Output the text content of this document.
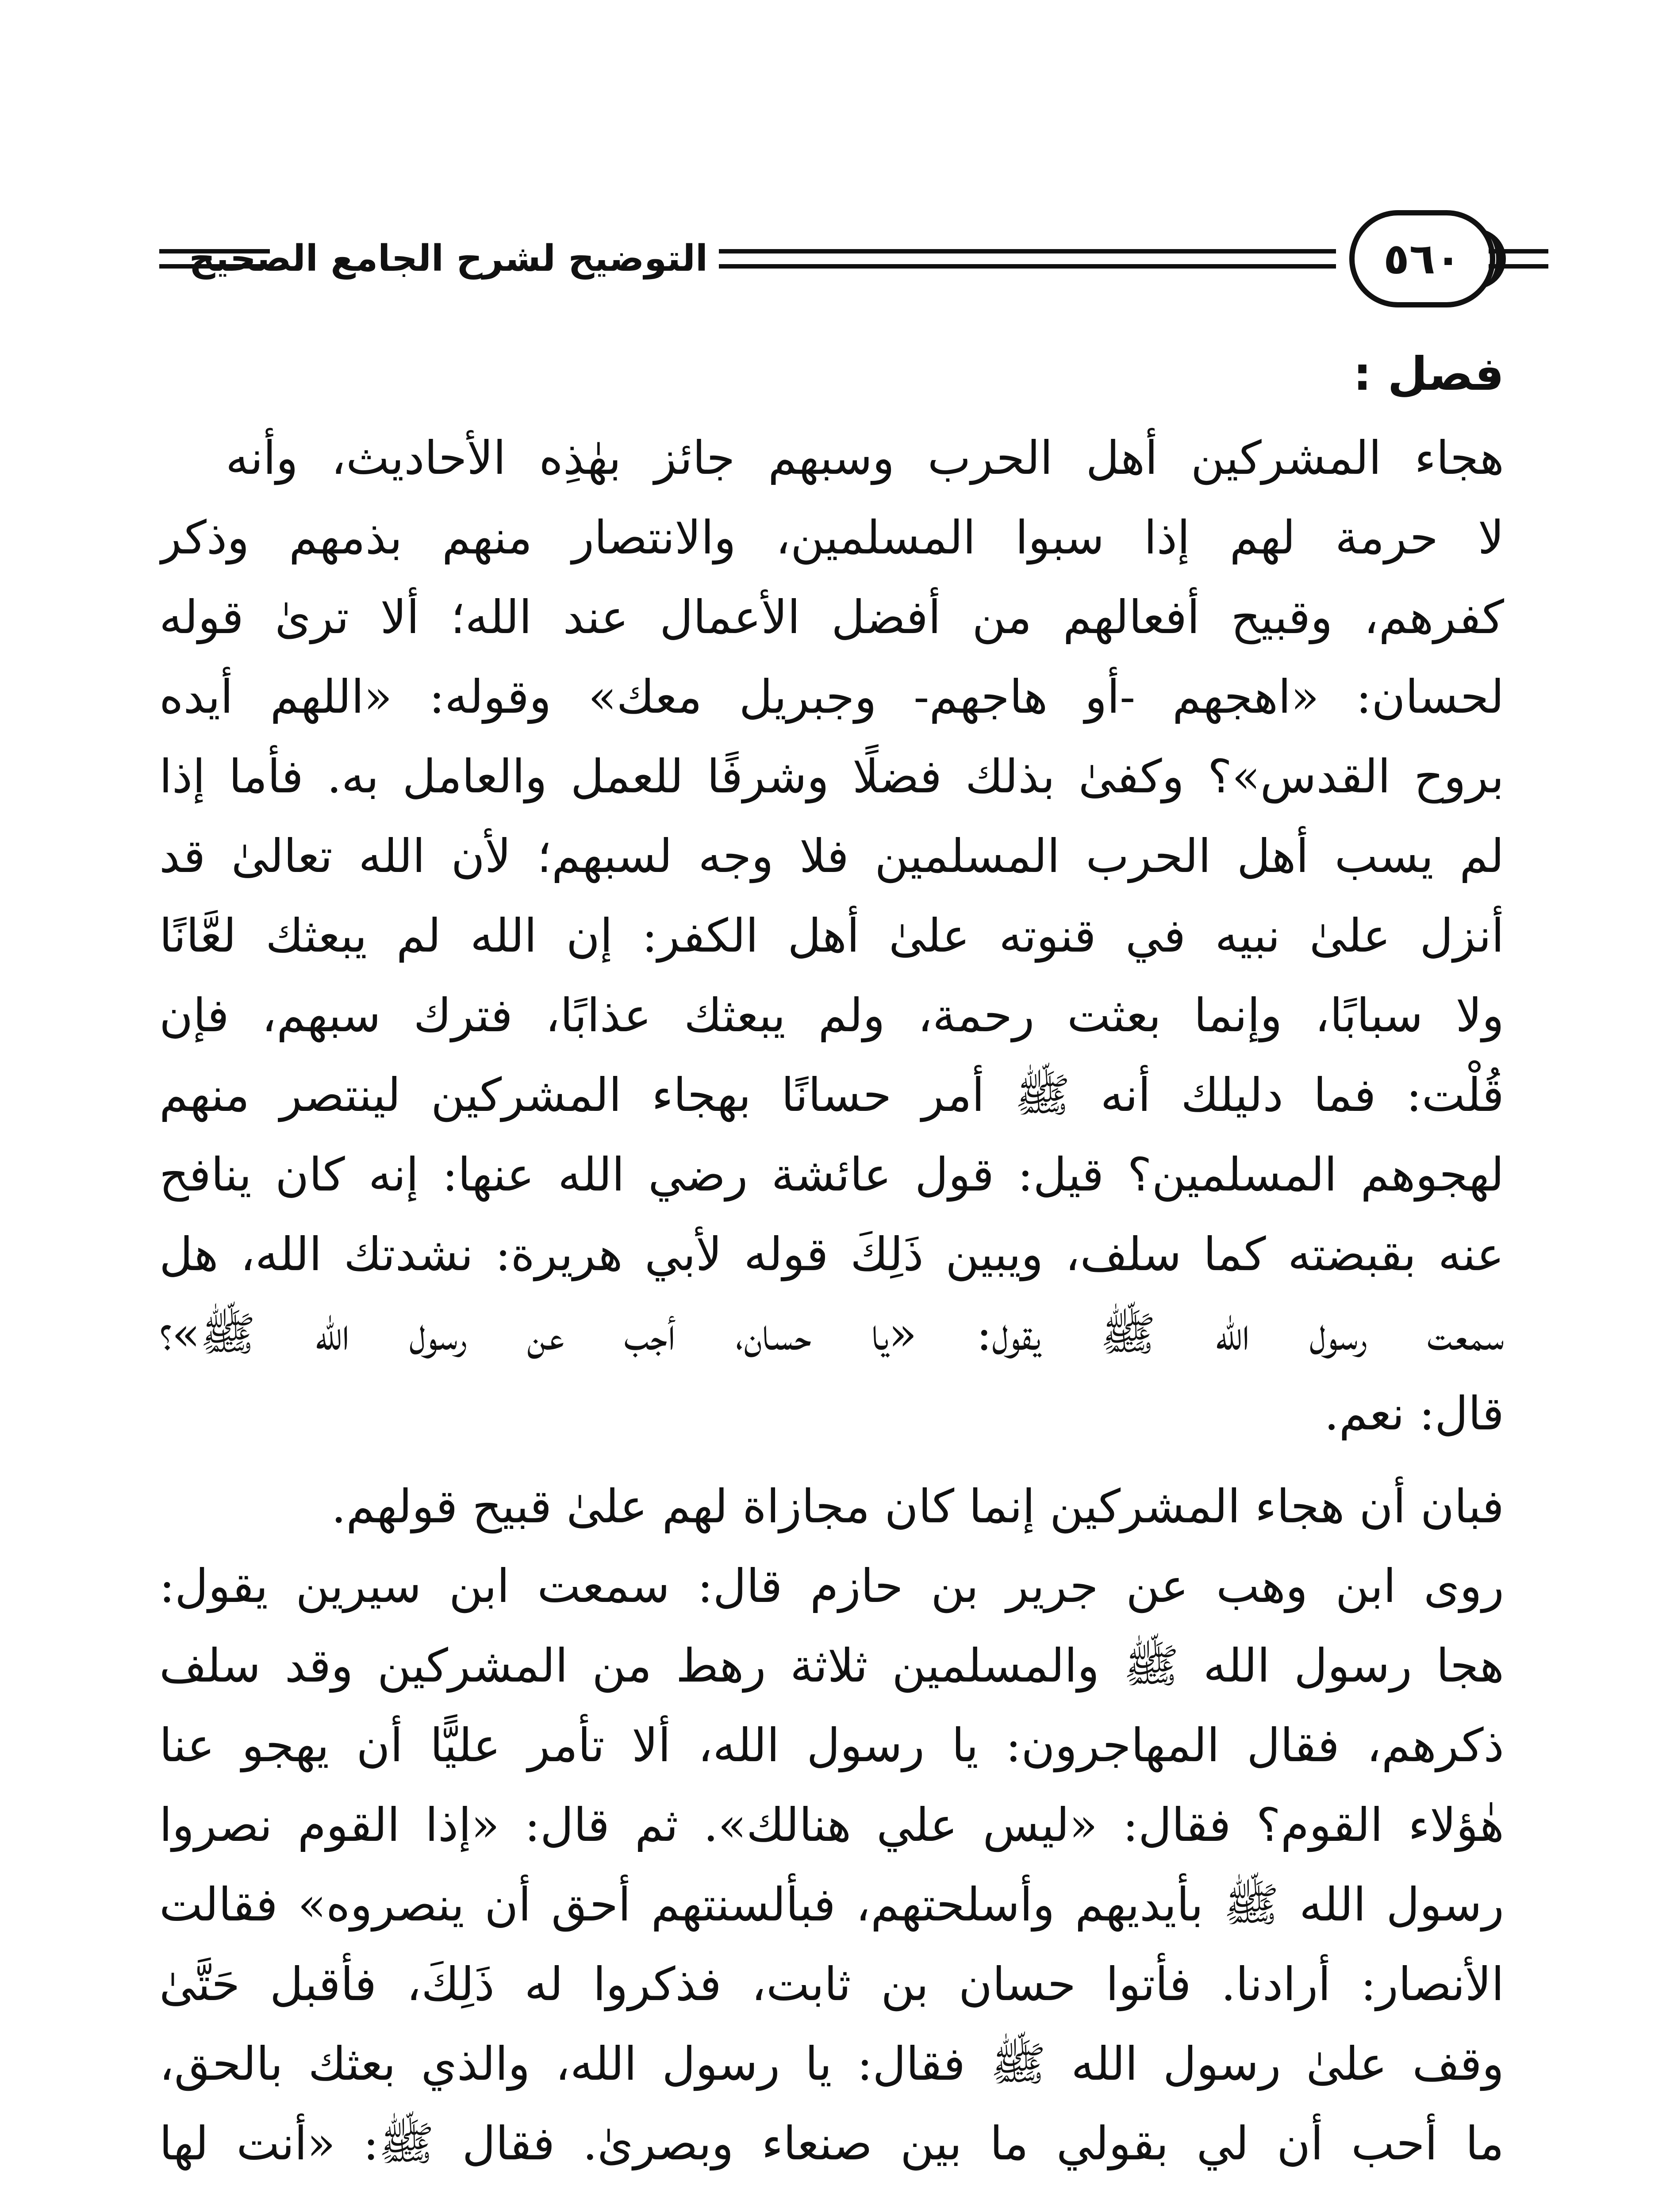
التوضيح لشرح الجامع الصحيح	٥٦٠
فصل :
هجاء المشركين أهل الحرب وسبهم جائز بهٰذِه الأحاديث، وأنه
لا حرمة لهم إذا سبوا المسلمين، والانتصار منهم بذمهم وذكر
كفرهم، وقبيح أفعالهم من أفضل الأعمال عند الله؛ ألا ترىٰ قوله
لحسان: «اهجهم -أو هاجهم- وجبريل معك» وقوله: «اللهم أيده
بروح القدس»؟ وكفىٰ بذلك فضلًا وشرفًا للعمل والعامل به. فأما إذا
لم يسب أهل الحرب المسلمين فلا وجه لسبهم؛ لأن الله تعالىٰ قد
أنزل علىٰ نبيه في قنوته علىٰ أهل الكفر: إن الله لم يبعثك لعَّانًا
ولا سبابًا، وإنما بعثت رحمة، ولم يبعثك عذابًا، فترك سبهم، فإن
قُلْت: فما دليلك أنه ﷺ أمر حسانًا بهجاء المشركين لينتصر منهم
لهجوهم المسلمين؟ قيل: قول عائشة رضي الله عنها: إنه كان ينافح
عنه بقبضته كما سلف، ويبين ذَلِكَ قوله لأبي هريرة: نشدتك الله، هل
سمعت رسول الله ﷺ يقول: «يا حسان، أجب عن رسول الله ﷺ»؟
قال: نعم.
فبان أن هجاء المشركين إنما كان مجازاة لهم علىٰ قبيح قولهم.
روى ابن وهب عن جرير بن حازم قال: سمعت ابن سيرين يقول:
هجا رسول الله ﷺ والمسلمين ثلاثة رهط من المشركين وقد سلف
ذكرهم، فقال المهاجرون: يا رسول الله، ألا تأمر عليًّا أن يهجو عنا
هٰؤلاء القوم؟ فقال: «ليس علي هنالك». ثم قال: «إذا القوم نصروا
رسول الله ﷺ بأيديهم وأسلحتهم، فبألسنتهم أحق أن ينصروه» فقالت
الأنصار: أرادنا. فأتوا حسان بن ثابت، فذكروا له ذَلِكَ، فأقبل حَتَّىٰ
وقف علىٰ رسول الله ﷺ فقال: يا رسول الله، والذي بعثك بالحق،
ما أحب أن لي بقولي ما بين صنعاء وبصرىٰ. فقال ﷺ: «أنت لها
